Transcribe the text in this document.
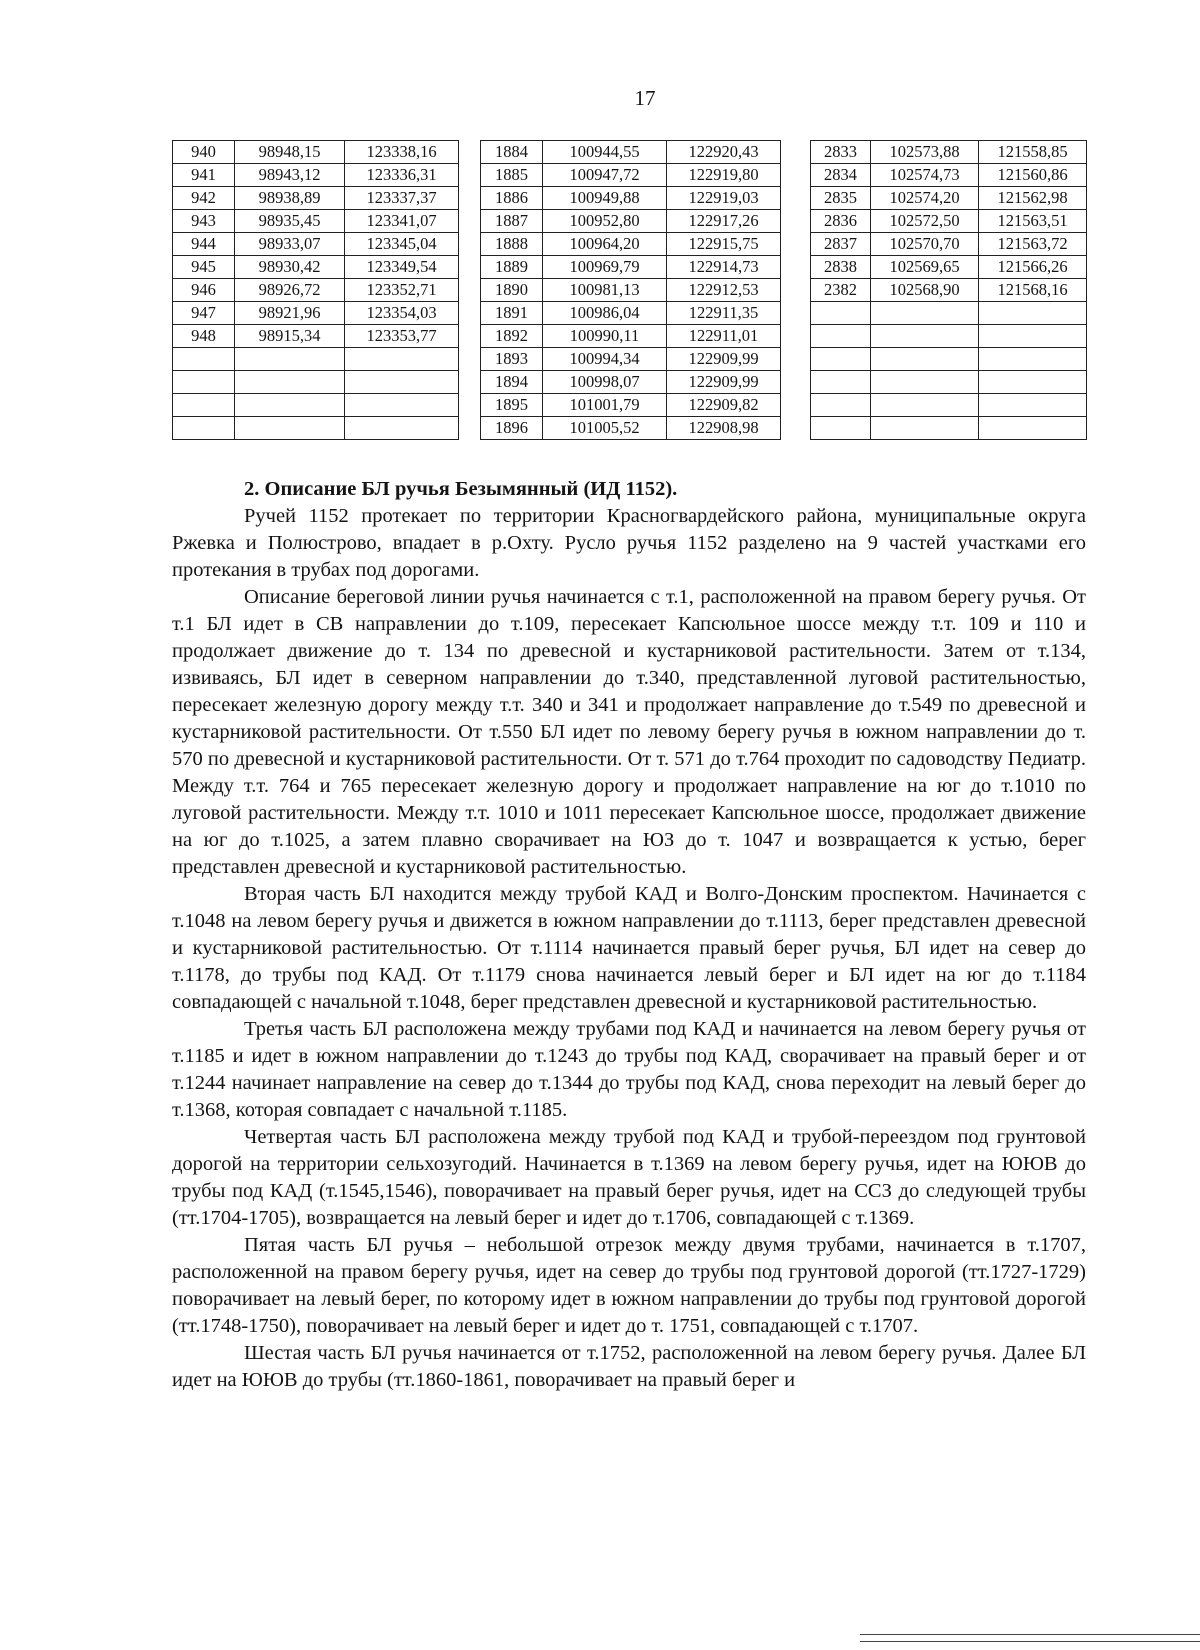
17
940	98948,15	123338,16		1884	100944,55	122920,43		2833	102573,88	121558,85
941	98943,12	123336,31		1885	100947,72	122919,80		2834	102574,73	121560,86
942	98938,89	123337,37		1886	100949,88	122919,03		2835	102574,20	121562,98
943	98935,45	123341,07		1887	100952,80	122917,26		2836	102572,50	121563,51
944	98933,07	123345,04		1888	100964,20	122915,75		2837	102570,70	121563,72
945	98930,42	123349,54		1889	100969,79	122914,73		2838	102569,65	121566,26
946	98926,72	123352,71		1890	100981,13	122912,53		2382	102568,90	121568,16
947	98921,96	123354,03		1891	100986,04	122911,35				
948	98915,34	123353,77		1892	100990,11	122911,01				
				1893	100994,34	122909,99				
				1894	100998,07	122909,99				
				1895	101001,79	122909,82				
				1896	101005,52	122908,98				

2. Описание БЛ ручья Безымянный (ИД 1152).

Ручей 1152 протекает по территории Красногвардейского района, муниципальные округа Ржевка и Полюстрово, впадает в р.Охту. Русло ручья 1152 разделено на 9 частей участками его протекания в трубах под дорогами.

Описание береговой линии ручья начинается с т.1, расположенной на правом берегу ручья. От т.1 БЛ идет в СВ направлении до т.109, пересекает Капсюльное шоссе между т.т. 109 и 110 и продолжает движение до т. 134 по древесной и кустарниковой растительности. Затем от т.134, извиваясь, БЛ идет в северном направлении до т.340, представленной луговой растительностью, пересекает железную дорогу между т.т. 340 и 341 и продолжает направление до т.549 по древесной и кустарниковой растительности. От т.550 БЛ идет по левому берегу ручья в южном направлении до т. 570 по древесной и кустарниковой растительности. От т. 571 до т.764 проходит по садоводству Педиатр. Между т.т. 764 и 765 пересекает железную дорогу и продолжает направление на юг до т.1010 по луговой растительности. Между т.т. 1010 и 1011 пересекает Капсюльное шоссе, продолжает движение на юг до т.1025, а затем плавно сворачивает на ЮЗ до т. 1047 и возвращается к устью, берег представлен древесной и кустарниковой растительностью.

Вторая часть БЛ находится между трубой КАД и Волго-Донским проспектом. Начинается с т.1048 на левом берегу ручья и движется в южном направлении до т.1113, берег представлен древесной и кустарниковой растительностью. От т.1114 начинается правый берег ручья, БЛ идет на север до т.1178, до трубы под КАД. От т.1179 снова начинается левый берег и БЛ идет на юг до т.1184 совпадающей с начальной т.1048, берег представлен древесной и кустарниковой растительностью.

Третья часть БЛ расположена между трубами под КАД и начинается на левом берегу ручья от т.1185 и идет в южном направлении до т.1243 до трубы под КАД, сворачивает на правый берег и от т.1244 начинает направление на север до т.1344 до трубы под КАД, снова переходит на левый берег до т.1368, которая совпадает с начальной т.1185.

Четвертая часть БЛ расположена между трубой под КАД и трубой-переездом под грунтовой дорогой на территории сельхозугодий. Начинается в т.1369 на левом берегу ручья, идет на ЮЮВ до трубы под КАД (т.1545,1546), поворачивает на правый берег ручья, идет на ССЗ до следующей трубы (тт.1704-1705), возвращается на левый берег и идет до т.1706, совпадающей с т.1369.

Пятая часть БЛ ручья – небольшой отрезок между двумя трубами, начинается в т.1707, расположенной на правом берегу ручья, идет на север до трубы под грунтовой дорогой (тт.1727-1729) поворачивает на левый берег, по которому идет в южном направлении до трубы под грунтовой дорогой (тт.1748-1750), поворачивает на левый берег и идет до т. 1751, совпадающей с т.1707.

Шестая часть БЛ ручья начинается от т.1752, расположенной на левом берегу ручья. Далее БЛ идет на ЮЮВ до трубы (тт.1860-1861, поворачивает на правый берег и
